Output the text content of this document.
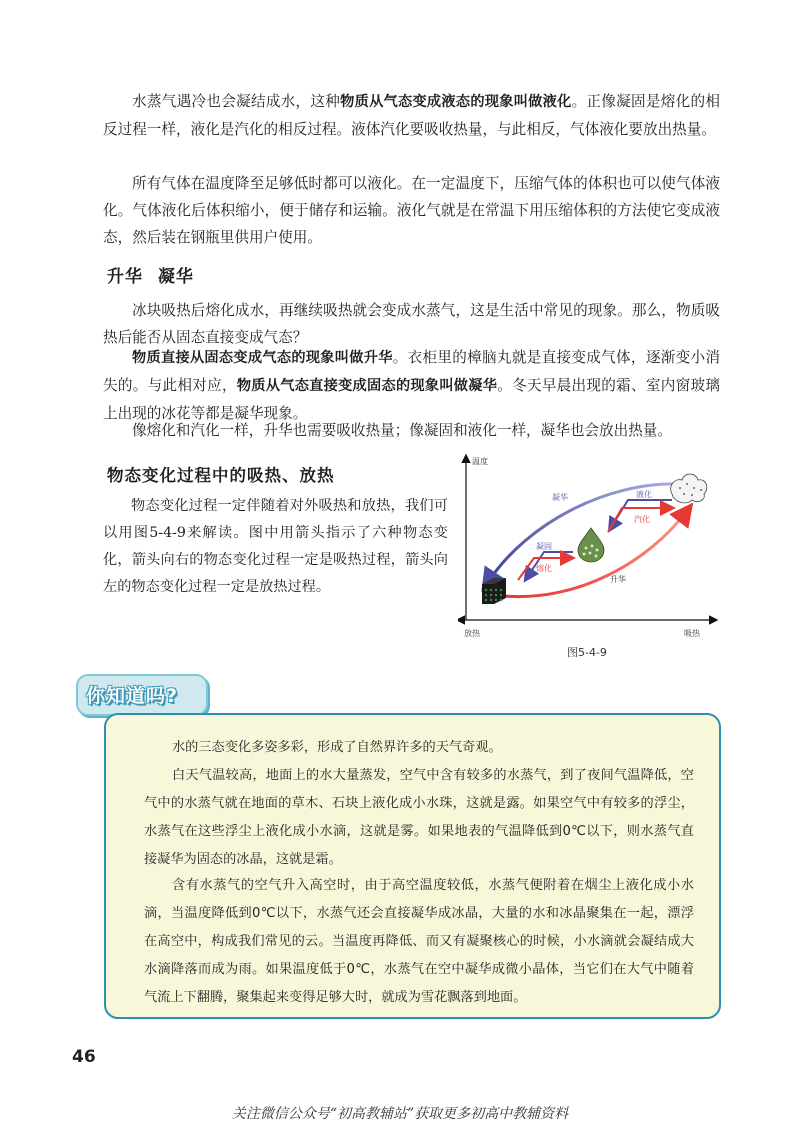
水蒸气遇冷也会凝结成水，这种物质从气态变成液态的现象叫做液化。正像凝固是熔化的相反过程一样，液化是汽化的相反过程。液体汽化要吸收热量，与此相反，气体液化要放出热量。

所有气体在温度降至足够低时都可以液化。在一定温度下，压缩气体的体积也可以使气体液化。气体液化后体积缩小，便于储存和运输。液化气就是在常温下用压缩体积的方法使它变成液态，然后装在钢瓶里供用户使用。

升华 凝华

冰块吸热后熔化成水，再继续吸热就会变成水蒸气，这是生活中常见的现象。那么，物质吸热后能否从固态直接变成气态？

物质直接从固态变成气态的现象叫做升华。衣柜里的樟脑丸就是直接变成气体，逐渐变小消失的。与此相对应，物质从气态直接变成固态的现象叫做凝华。冬天早晨出现的霜、室内窗玻璃上出现的冰花等都是凝华现象。

像熔化和汽化一样，升华也需要吸收热量；像凝固和液化一样，凝华也会放出热量。

物态变化过程中的吸热、放热

物态变化过程一定伴随着对外吸热和放热，我们可以用图5-4-9来解读。图中用箭头指示了六种物态变化，箭头向右的物态变化过程一定是吸热过程，箭头向左的物态变化过程一定是放热过程。

温度
放热	吸热
凝华
升华
凝固
熔化
液化
汽化

图5-4-9

你知道吗?

水的三态变化多姿多彩，形成了自然界许多的天气奇观。

白天气温较高，地面上的水大量蒸发，空气中含有较多的水蒸气，到了夜间气温降低，空气中的水蒸气就在地面的草木、石块上液化成小水珠，这就是露。如果空气中有较多的浮尘，水蒸气在这些浮尘上液化成小水滴，这就是雾。如果地表的气温降低到0℃以下，则水蒸气直接凝华为固态的冰晶，这就是霜。

含有水蒸气的空气升入高空时，由于高空温度较低，水蒸气便附着在烟尘上液化成小水滴，当温度降低到0℃以下，水蒸气还会直接凝华成冰晶，大量的水和冰晶聚集在一起，漂浮在高空中，构成我们常见的云。当温度再降低、而又有凝聚核心的时候，小水滴就会凝结成大水滴降落而成为雨。如果温度低于0℃，水蒸气在空中凝华成微小晶体，当它们在大气中随着气流上下翻腾，聚集起来变得足够大时，就成为雪花飘落到地面。

46

关注微信公众号“初高教辅站”获取更多初高中教辅资料
